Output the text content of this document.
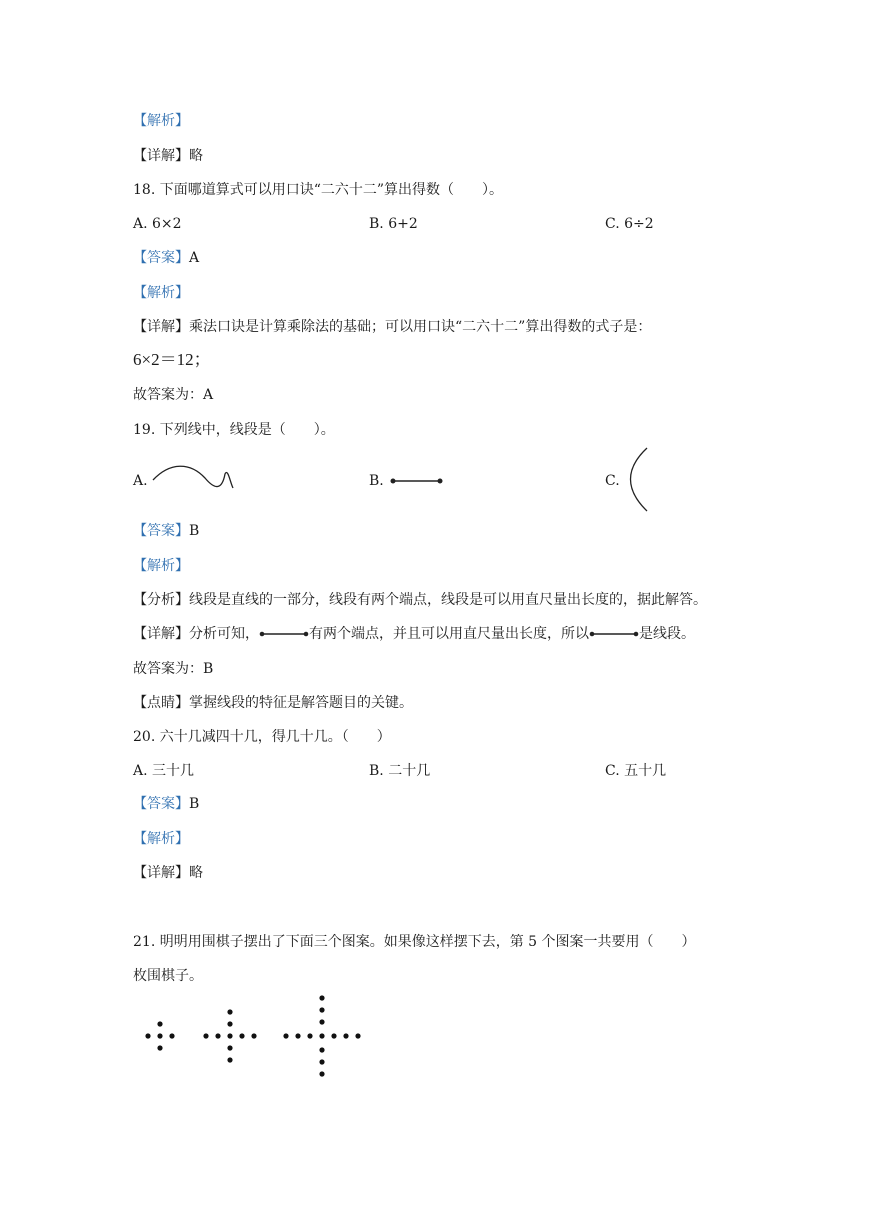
【解析】
【详解】略
18. 下面哪道算式可以用口诀“二六十二”算出得数（　　）。
A. 6×2	B. 6+2	C. 6÷2
【答案】A
【解析】
【详解】乘法口诀是计算乘除法的基础；可以用口诀“二六十二”算出得数的式子是：
6×2＝12；
故答案为：A
19. 下列线中，线段是（　　）。
A.	B.	C.
【答案】B
【解析】
【分析】线段是直线的一部分，线段有两个端点，线段是可以用直尺量出长度的，据此解答。
【详解】分析可知，	有两个端点，并且可以用直尺量出长度，所以	是线段。
故答案为：B
【点睛】掌握线段的特征是解答题目的关键。
20. 六十几减四十几，得几十几。（　　）
A. 三十几	B. 二十几	C. 五十几
【答案】B
【解析】
【详解】略
21. 明明用围棋子摆出了下面三个图案。如果像这样摆下去，第 5 个图案一共要用（　　）
枚围棋子。
